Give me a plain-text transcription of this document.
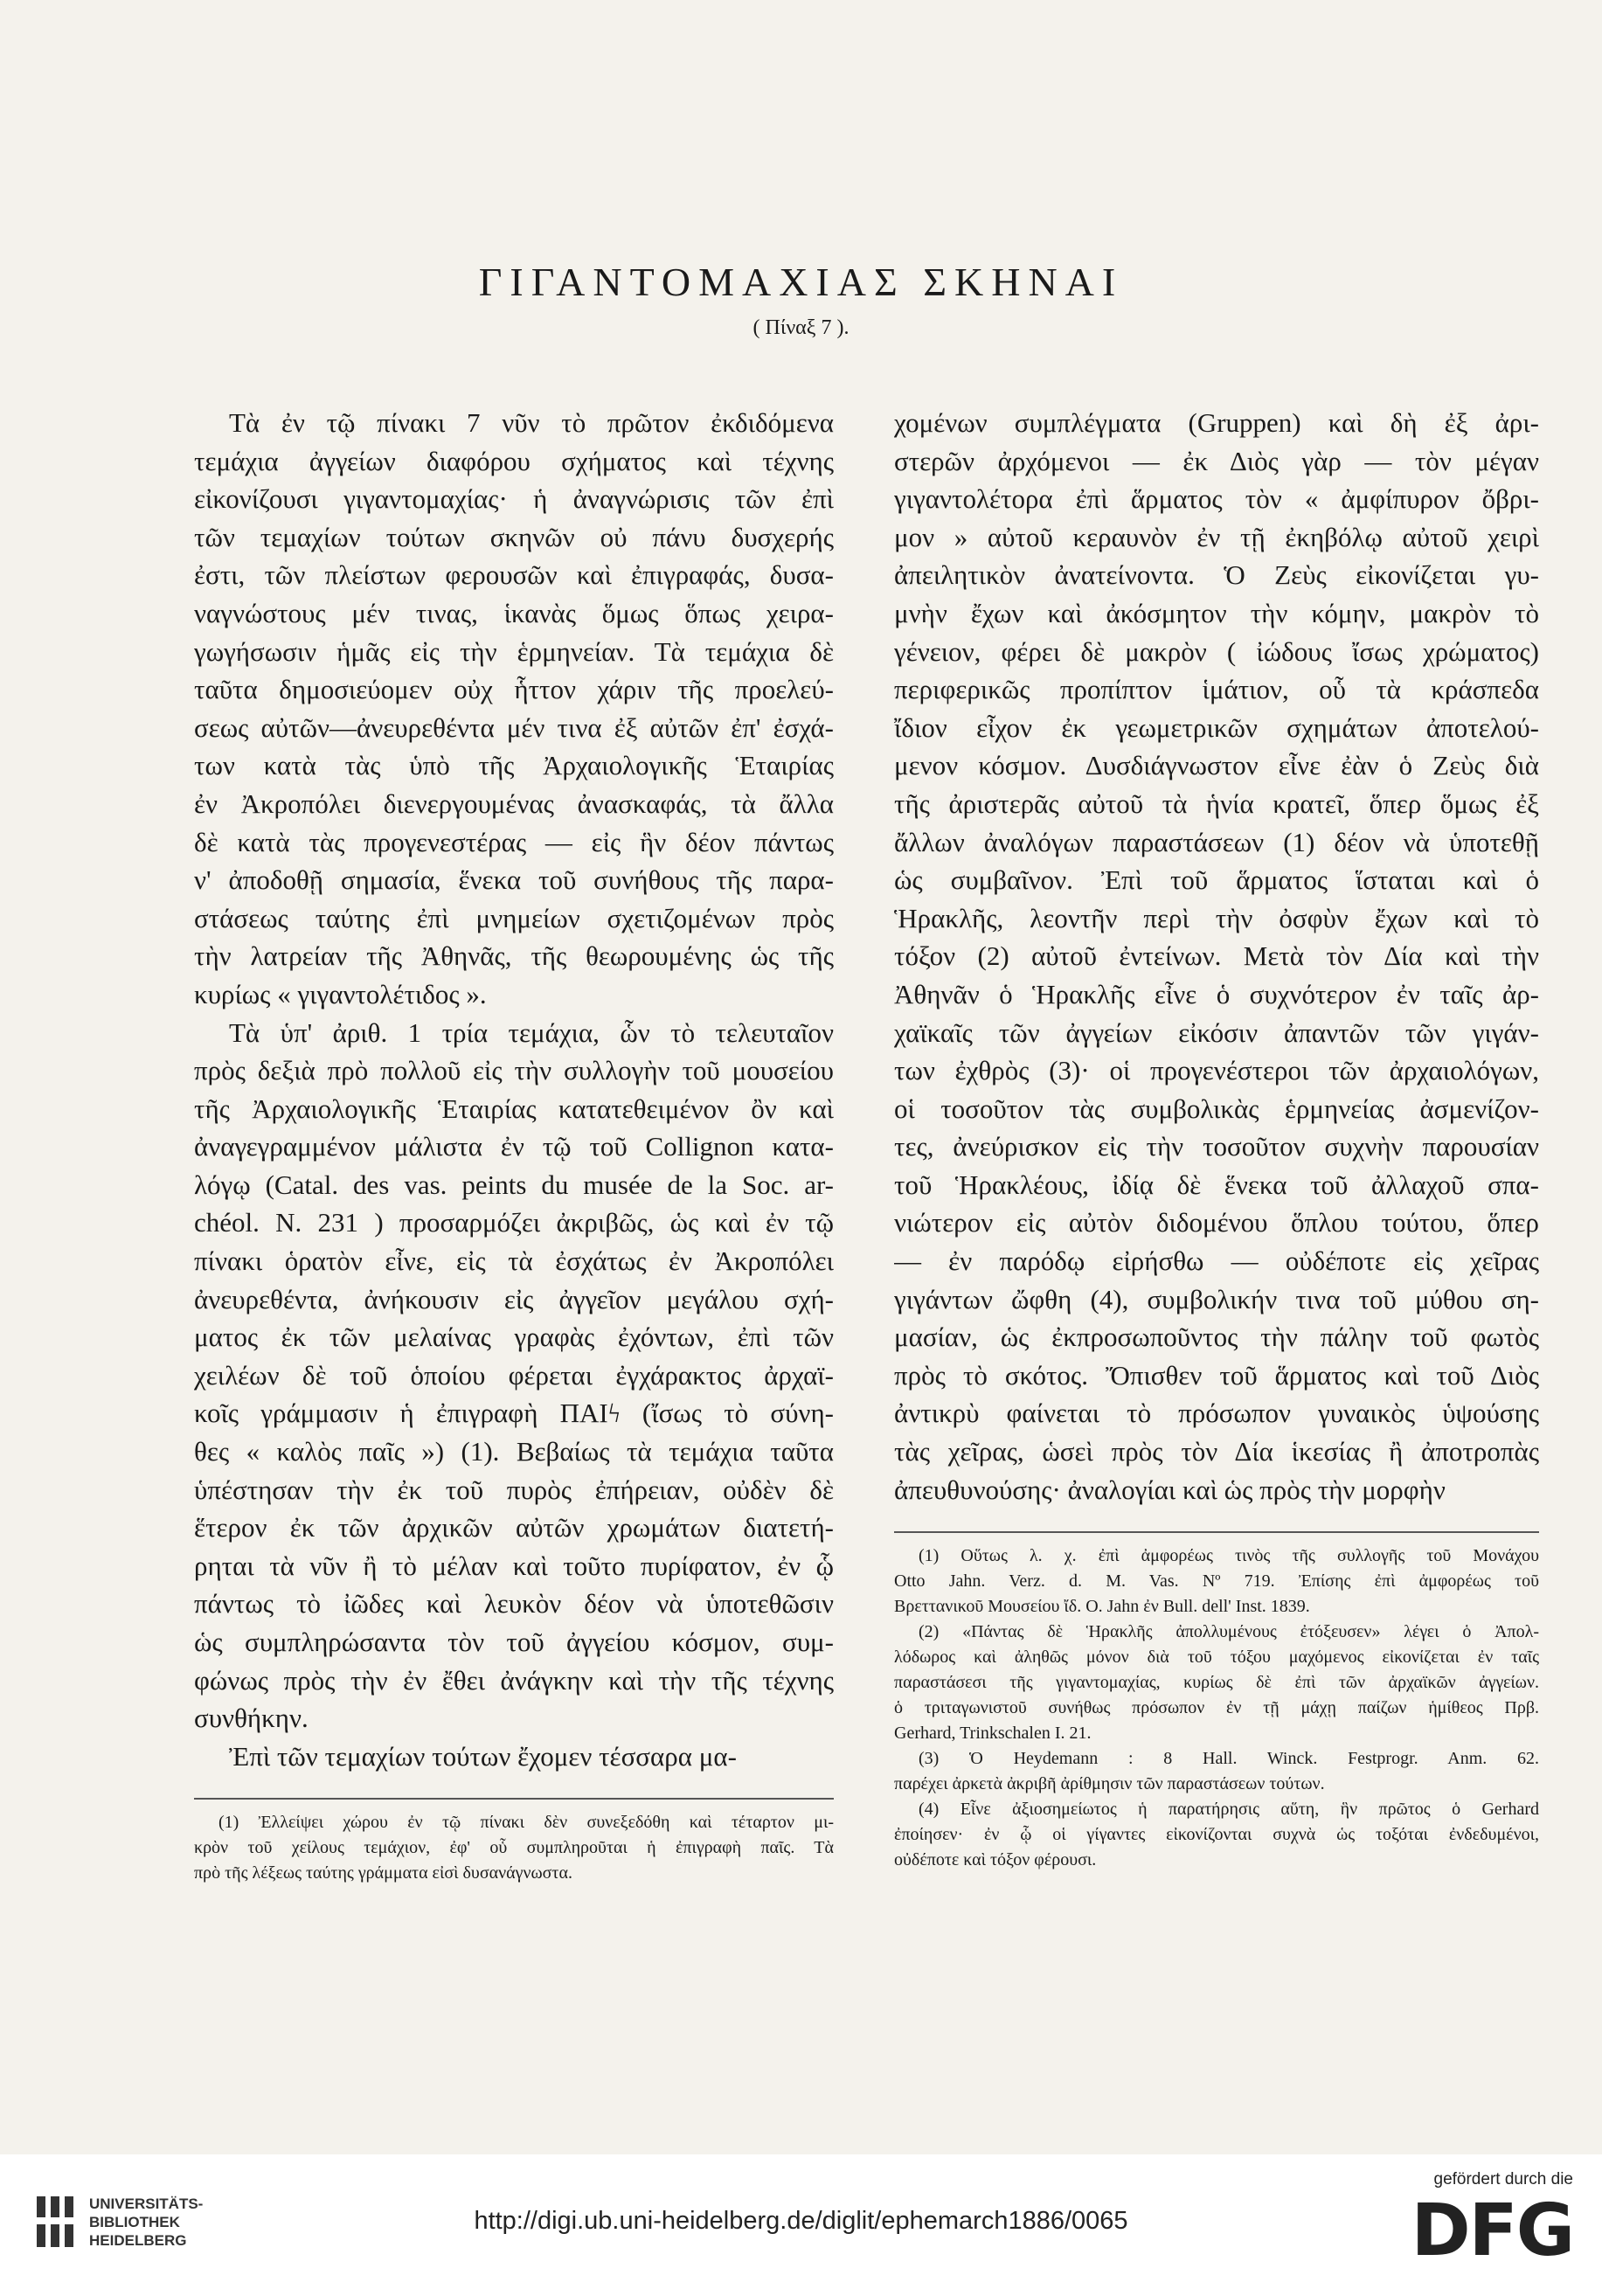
ΓΙΓΑΝΤΟΜΑΧΙΑΣ ΣΚΗΝΑΙ
( Πίναξ 7 ).
Τὰ ἐν τῷ πίνακι 7 νῦν τὸ πρῶτον ἐκδιδόμενα
τεμάχια ἀγγείων διαφόρου σχήματος καὶ τέχνης
εἰκονίζουσι γιγαντομαχίας· ἡ ἀναγνώρισις τῶν ἐπὶ
τῶν τεμαχίων τούτων σκηνῶν οὐ πάνυ δυσχερής
ἐστι, τῶν πλείστων φερουσῶν καὶ ἐπιγραφάς, δυσα-
ναγνώστους μέν τινας, ἱκανὰς ὅμως ὅπως χειρα-
γωγήσωσιν ἡμᾶς εἰς τὴν ἑρμηνείαν. Τὰ τεμάχια δὲ
ταῦτα δημοσιεύομεν οὐχ ἧττον χάριν τῆς προελεύ-
σεως αὐτῶν—ἀνευρεθέντα μέν τινα ἐξ αὐτῶν ἐπ' ἐσχά-
των κατὰ τὰς ὑπὸ τῆς Ἀρχαιολογικῆς Ἑταιρίας
ἐν Ἀκροπόλει διενεργουμένας ἀνασκαφάς, τὰ ἄλλα
δὲ κατὰ τὰς προγενεστέρας — εἰς ἣν δέον πάντως
ν' ἀποδοθῇ σημασία, ἕνεκα τοῦ συνήθους τῆς παρα-
στάσεως ταύτης ἐπὶ μνημείων σχετιζομένων πρὸς
τὴν λατρείαν τῆς Ἀθηνᾶς, τῆς θεωρουμένης ὡς τῆς
κυρίως « γιγαντολέτιδος ».
Τὰ ὑπ' ἀριθ. 1 τρία τεμάχια, ὧν τὸ τελευταῖον
πρὸς δεξιὰ πρὸ πολλοῦ εἰς τὴν συλλογὴν τοῦ μουσείου
τῆς Ἀρχαιολογικῆς Ἑταιρίας κατατεθειμένον ὂν καὶ
ἀναγεγραμμένον μάλιστα ἐν τῷ τοῦ Collignon κατα-
λόγῳ (Catal. des vas. peints du musée de la Soc. ar-
chéol. N. 231 ) προσαρμόζει ἀκριβῶς, ὡς καὶ ἐν τῷ
πίνακι ὁρατὸν εἶνε, εἰς τὰ ἐσχάτως ἐν Ἀκροπόλει
ἀνευρεθέντα, ἀνήκουσιν εἰς ἀγγεῖον μεγάλου σχή-
ματος ἐκ τῶν μελαίνας γραφὰς ἐχόντων, ἐπὶ τῶν
χειλέων δὲ τοῦ ὁποίου φέρεται ἐγχάρακτος ἀρχαϊ-
κοῖς γράμμασιν ἡ ἐπιγραφὴ ΠΑΙϟ (ἴσως τὸ σύνη-
θες « καλὸς παῖς ») (1). Βεβαίως τὰ τεμάχια ταῦτα
ὑπέστησαν τὴν ἐκ τοῦ πυρὸς ἐπήρειαν, οὐδὲν δὲ
ἕτερον ἐκ τῶν ἀρχικῶν αὐτῶν χρωμάτων διατετή-
ρηται τὰ νῦν ἢ τὸ μέλαν καὶ τοῦτο πυρίφατον, ἐν ᾧ
πάντως τὸ ἰῶδες καὶ λευκὸν δέον νὰ ὑποτεθῶσιν
ὡς συμπληρώσαντα τὸν τοῦ ἀγγείου κόσμον, συμ-
φώνως πρὸς τὴν ἐν ἔθει ἀνάγκην καὶ τὴν τῆς τέχνης
συνθήκην.
Ἐπὶ τῶν τεμαχίων τούτων ἔχομεν τέσσαρα μα-
(1) Ἐλλείψει χώρου ἐν τῷ πίνακι δὲν συνεξεδόθη καὶ τέταρτον μι-
κρὸν τοῦ χείλους τεμάχιον, ἐφ' οὗ συμπληροῦται ἡ ἐπιγραφὴ παῖς. Τὰ
πρὸ τῆς λέξεως ταύτης γράμματα εἰσὶ δυσανάγνωστα.
χομένων συμπλέγματα (Gruppen) καὶ δὴ ἐξ ἀρι-
στερῶν ἀρχόμενοι — ἐκ Διὸς γὰρ — τὸν μέγαν
γιγαντολέτορα ἐπὶ ἅρματος τὸν « ἀμφίπυρον ὄβρι-
μον » αὐτοῦ κεραυνὸν ἐν τῇ ἐκηβόλῳ αὐτοῦ χειρὶ
ἀπειλητικὸν ἀνατείνοντα. Ὁ Ζεὺς εἰκονίζεται γυ-
μνὴν ἔχων καὶ ἀκόσμητον τὴν κόμην, μακρὸν τὸ
γένειον, φέρει δὲ μακρὸν ( ἰώδους ἴσως χρώματος)
περιφερικῶς προπίπτον ἱμάτιον, οὗ τὰ κράσπεδα
ἴδιον εἶχον ἐκ γεωμετρικῶν σχημάτων ἀποτελού-
μενον κόσμον. Δυσδιάγνωστον εἶνε ἐὰν ὁ Ζεὺς διὰ
τῆς ἀριστερᾶς αὐτοῦ τὰ ἡνία κρατεῖ, ὅπερ ὅμως ἐξ
ἄλλων ἀναλόγων παραστάσεων (1) δέον νὰ ὑποτεθῇ
ὡς συμβαῖνον. Ἐπὶ τοῦ ἅρματος ἵσταται καὶ ὁ
Ἡρακλῆς, λεοντῆν περὶ τὴν ὀσφὺν ἔχων καὶ τὸ
τόξον (2) αὐτοῦ ἐντείνων. Μετὰ τὸν Δία καὶ τὴν
Ἀθηνᾶν ὁ Ἡρακλῆς εἶνε ὁ συχνότερον ἐν ταῖς ἀρ-
χαϊκαῖς τῶν ἀγγείων εἰκόσιν ἀπαντῶν τῶν γιγάν-
των ἐχθρὸς (3)· οἱ προγενέστεροι τῶν ἀρχαιολόγων,
οἱ τοσοῦτον τὰς συμβολικὰς ἑρμηνείας ἀσμενίζον-
τες, ἀνεύρισκον εἰς τὴν τοσοῦτον συχνὴν παρουσίαν
τοῦ Ἡρακλέους, ἰδίᾳ δὲ ἕνεκα τοῦ ἀλλαχοῦ σπα-
νιώτερον εἰς αὐτὸν διδομένου ὅπλου τούτου, ὅπερ
— ἐν παρόδῳ εἰρήσθω — οὐδέποτε εἰς χεῖρας
γιγάντων ὤφθη (4), συμβολικήν τινα τοῦ μύθου ση-
μασίαν, ὡς ἐκπροσωποῦντος τὴν πάλην τοῦ φωτὸς
πρὸς τὸ σκότος. Ὄπισθεν τοῦ ἅρματος καὶ τοῦ Διὸς
ἀντικρὺ φαίνεται τὸ πρόσωπον γυναικὸς ὑψούσης
τὰς χεῖρας, ὡσεὶ πρὸς τὸν Δία ἱκεσίας ἢ ἀποτροπὰς
ἀπευθυνούσης· ἀναλογίαι καὶ ὡς πρὸς τὴν μορφὴν
(1) Οὕτως λ. χ. ἐπὶ ἀμφορέως τινὸς τῆς συλλογῆς τοῦ Μονάχου
Otto Jahn. Verz. d. M. Vas. Nº 719. Ἐπίσης ἐπὶ ἀμφορέως τοῦ
Βρεττανικοῦ Μουσείου ἴδ. O. Jahn ἐν Bull. dell' Inst. 1839.
(2) «Πάντας δὲ Ἡρακλῆς ἀπολλυμένους ἐτόξευσεν» λέγει ὁ Ἀπολ-
λόδωρος καὶ ἀληθῶς μόνον διὰ τοῦ τόξου μαχόμενος εἰκονίζεται ἐν ταῖς
παραστάσεσι τῆς γιγαντομαχίας, κυρίως δὲ ἐπὶ τῶν ἀρχαϊκῶν ἀγγείων.
ὁ τριταγωνιστοῦ συνήθως πρόσωπον ἐν τῇ μάχῃ παίζων ἡμίθεος Πρβ.
Gerhard, Trinkschalen I. 21.
(3) Ὁ Heydemann : 8 Hall. Winck. Festprogr. Anm. 62.
παρέχει ἀρκετὰ ἀκριβῆ ἀρίθμησιν τῶν παραστάσεων τούτων.
(4) Εἶνε ἀξιοσημείωτος ἡ παρατήρησις αὕτη, ἣν πρῶτος ὁ Gerhard
ἐποίησεν· ἐν ᾧ οἱ γίγαντες εἰκονίζονται συχνὰ ὡς τοξόται ἐνδεδυμένοι,
οὐδέποτε καὶ τόξον φέρουσι.
UNIVERSITÄTS-
BIBLIOTHEK
HEIDELBERG
http://digi.ub.uni-heidelberg.de/diglit/ephemarch1886/0065
gefördert durch die
DFG
